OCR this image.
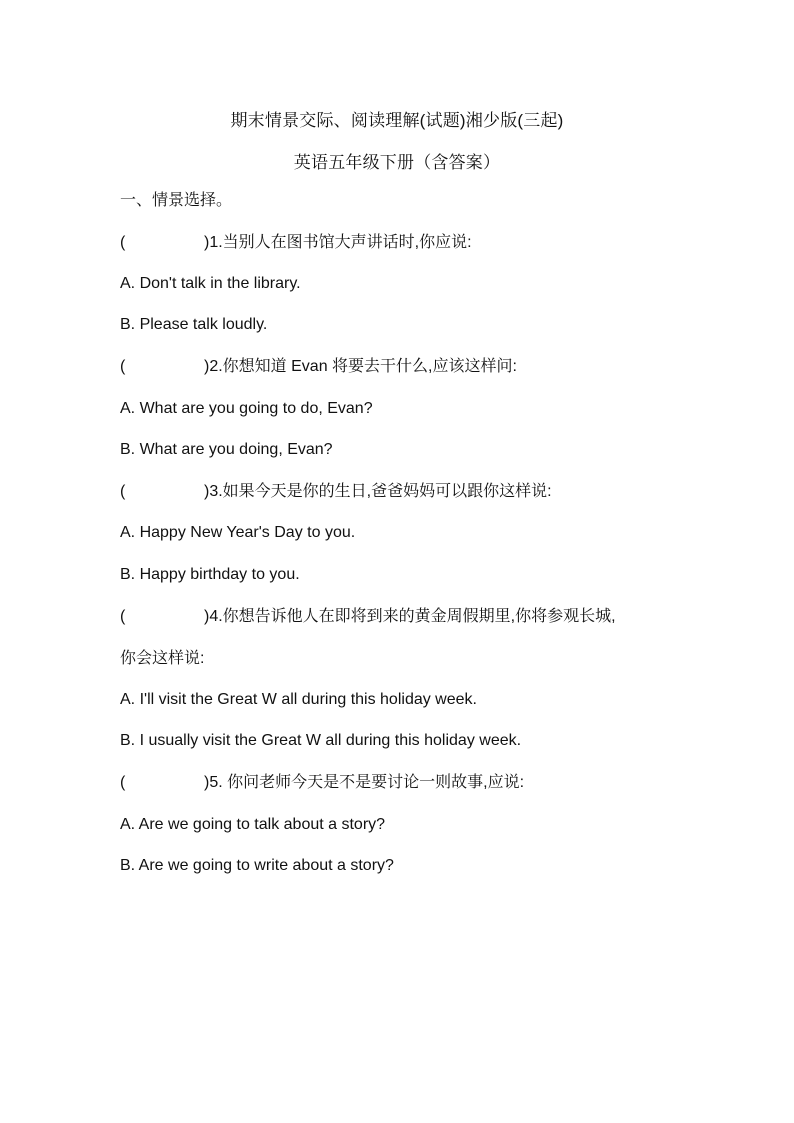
期末情景交际、阅读理解(试题)湘少版(三起)
英语五年级下册（含答案）
一、情景选择。
(	)1.当别人在图书馆大声讲话时,你应说:
A. Don't talk in the library.
B. Please talk loudly.
(	)2.你想知道 Evan 将要去干什么,应该这样问:
A. What are you going to do, Evan?
B. What are you doing, Evan?
(	)3.如果今天是你的生日,爸爸妈妈可以跟你这样说:
A. Happy New Year's Day to you.
B. Happy birthday to you.
(	)4.你想告诉他人在即将到来的黄金周假期里,你将参观长城,
你会这样说:
A. I'll visit the Great W all during this holiday week.
B. I usually visit the Great W all during this holiday week.
(	)5. 你问老师今天是不是要讨论一则故事,应说:
A. Are we going to talk about a story?
B. Are we going to write about a story?
